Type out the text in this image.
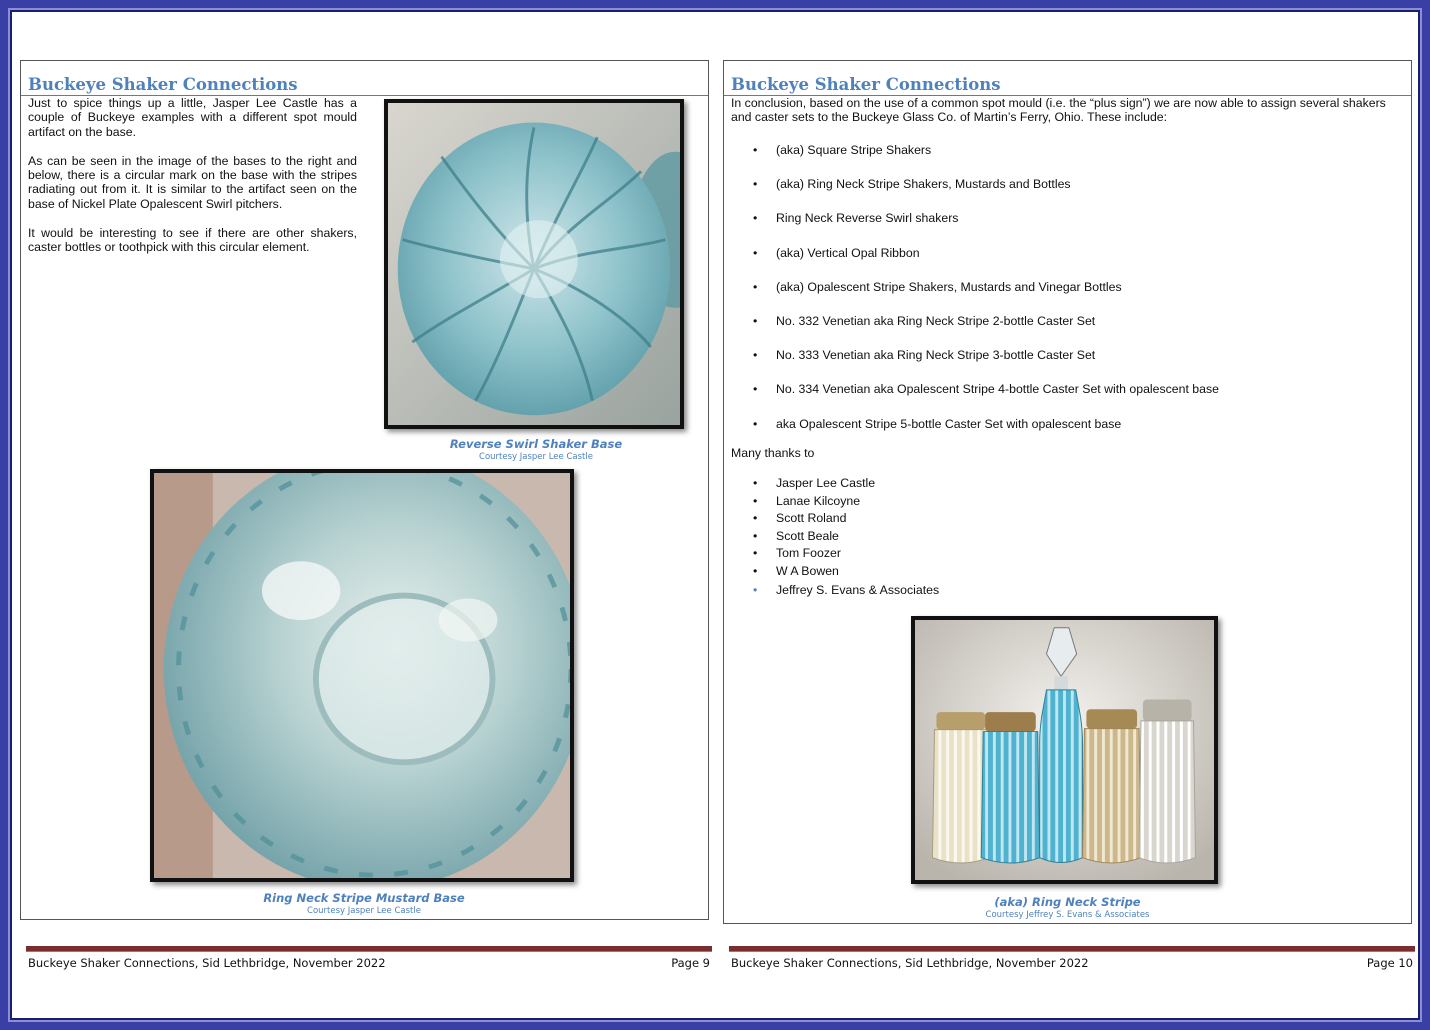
Buckeye Shaker Connections

Just to spice things up a little, Jasper Lee Castle has a couple of Buckeye examples with a different spot mould artifact on the base.

As can be seen in the image of the bases to the right and below, there is a circular mark on the base with the stripes radiating out from it. It is similar to the artifact seen on the base of Nickel Plate Opalescent Swirl pitchers.

It would be interesting to see if there are other shakers, caster bottles or toothpick with this circular element.

Reverse Swirl Shaker Base
Courtesy Jasper Lee Castle
Ring Neck Stripe Mustard Base
Courtesy Jasper Lee Castle
Buckeye Shaker Connections
In conclusion, based on the use of a common spot mould (i.e. the “plus sign”) we are now able to assign several shakers and caster sets to the Buckeye Glass Co. of Martin’s Ferry, Ohio. These include:
• (aka) Square Stripe Shakers
• (aka) Ring Neck Stripe Shakers, Mustards and Bottles
• Ring Neck Reverse Swirl shakers
• (aka) Vertical Opal Ribbon
• (aka) Opalescent Stripe Shakers, Mustards and Vinegar Bottles
• No. 332 Venetian aka Ring Neck Stripe 2-bottle Caster Set
• No. 333 Venetian aka Ring Neck Stripe 3-bottle Caster Set
• No. 334 Venetian aka Opalescent Stripe 4-bottle Caster Set with opalescent base
• aka Opalescent Stripe 5-bottle Caster Set with opalescent base
Many thanks to
• Jasper Lee Castle
• Lanae Kilcoyne
• Scott Roland
• Scott Beale
• Tom Foozer
• W A Bowen
• Jeffrey S. Evans & Associates
(aka) Ring Neck Stripe
Courtesy Jeffrey S. Evans & Associates
Buckeye Shaker Connections, Sid Lethbridge, November 2022	Page 9 Buckeye Shaker Connections, Sid Lethbridge, November 2022	Page 10
